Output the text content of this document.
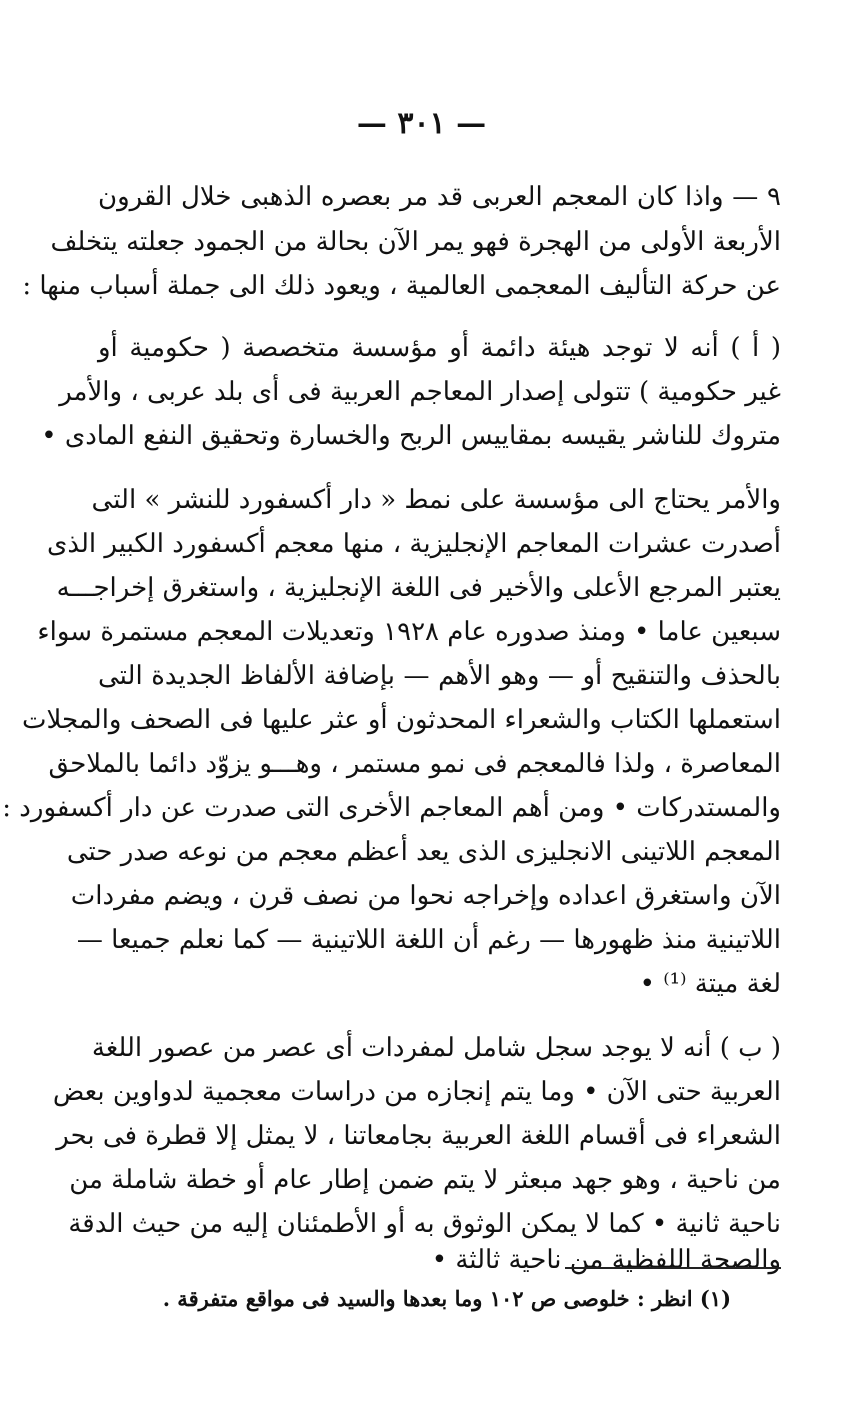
— ٣٠١ —
٩ — واذا كان المعجم العربى قد مر بعصره الذهبى خلال القرون
الأربعة الأولى من الهجرة فهو يمر الآن بحالة من الجمود جعلته يتخلف
عن حركة التأليف المعجمى العالمية ، ويعود ذلك الى جملة أسباب منها :
( أ ) أنه لا توجد هيئة دائمة أو مؤسسة متخصصة ( حكومية أو
غير حكومية ) تتولى إصدار المعاجم العربية فى أى بلد عربى ، والأمر
متروك للناشر يقيسه بمقاييس الربح والخسارة وتحقيق النفع المادى •
والأمر يحتاج الى مؤسسة على نمط « دار أكسفورد للنشر » التى
أصدرت عشرات المعاجم الإنجليزية ، منها معجم أكسفورد الكبير الذى
يعتبر المرجع الأعلى والأخير فى اللغة الإنجليزية ، واستغرق إخراجـــه
سبعين عاما • ومنذ صدوره عام ١٩٢٨ وتعديلات المعجم مستمرة سواء
بالحذف والتنقيح أو — وهو الأهم — بإضافة الألفاظ الجديدة التى
استعملها الكتاب والشعراء المحدثون أو عثر عليها فى الصحف والمجلات
المعاصرة ، ولذا فالمعجم فى نمو مستمر ، وهـــو يزوّد دائما بالملاحق
والمستدركات • ومن أهم المعاجم الأخرى التى صدرت عن دار أكسفورد :
المعجم اللاتينى الانجليزى الذى يعد أعظم معجم من نوعه صدر حتى
الآن واستغرق اعداده وإخراجه نحوا من نصف قرن ، ويضم مفردات
اللاتينية منذ ظهورها — رغم أن اللغة اللاتينية — كما نعلم جميعا —
لغة ميتة ⁽¹⁾ •
( ب ) أنه لا يوجد سجل شامل لمفردات أى عصر من عصور اللغة
العربية حتى الآن • وما يتم إنجازه من دراسات معجمية لدواوين بعض
الشعراء فى أقسام اللغة العربية بجامعاتنا ، لا يمثل إلا قطرة فى بحر
من ناحية ، وهو جهد مبعثر لا يتم ضمن إطار عام أو خطة شاملة من
ناحية ثانية • كما لا يمكن الوثوق به أو الأطمئنان إليه من حيث الدقة
والصحة اللفظية من ناحية ثالثة •
(١) انظر : خلوصى ص ١٠٢ وما بعدها والسيد فى مواقع متفرقة .
